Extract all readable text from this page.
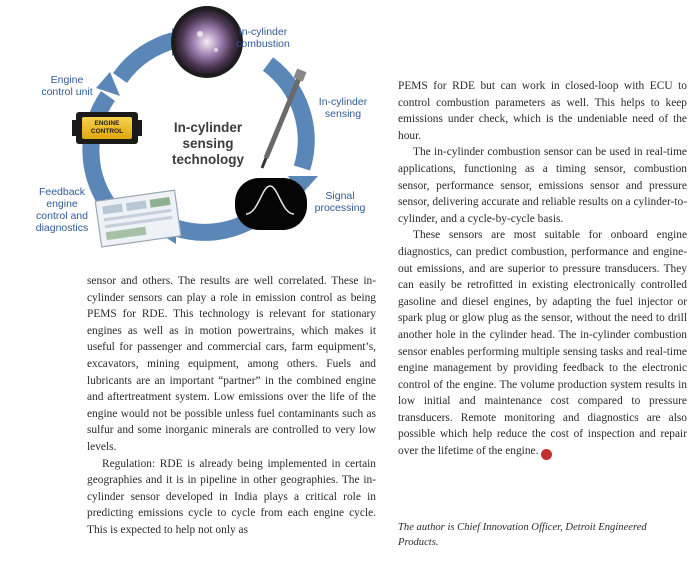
In-cylinder
sensing
technology
In-cylinder
combustion
Engine
control unit
In-cylinder
sensing
Signal
processing
Feedback
engine
control and
diagnostics
ENGINE
CONTROL

sensor and others. The results are well correlated. These in-cylinder sensors can play a role in emission control as being PEMS for RDE. This technology is relevant for stationary engines as well as in motion powertrains, which makes it useful for passenger and commercial cars, farm equipment’s, excavators, mining equipment, among others. Fuels and lubricants are an important “partner” in the combined engine and aftertreatment system. Low emissions over the life of the engine would not be possible unless fuel contaminants such as sulfur and some inorganic minerals are controlled to very low levels.

Regulation: RDE is already being implemented in certain geographies and it is in pipeline in other geographies. The in-cylinder sensor developed in India plays a critical role in predicting emissions cycle to cycle from each engine cycle. This is expected to help not only as

PEMS for RDE but can work in closed-loop with ECU to control combustion parameters as well. This helps to keep emissions under check, which is the undeniable need of the hour.

The in-cylinder combustion sensor can be used in real-time applications, functioning as a timing sensor, combustion sensor, performance sensor, emissions sensor and pressure sensor, delivering accurate and reliable results on a cylinder-to-cylinder, and a cycle-by-cycle basis.

These sensors are most suitable for onboard engine diagnostics, can predict combustion, performance and engine- out emissions, and are superior to pressure transducers. They can easily be retrofitted in existing electronically controlled gasoline and diesel engines, by adapting the fuel injector or spark plug or glow plug as the sensor, without the need to drill another hole in the cylinder head. The in-cylinder combustion sensor enables performing multiple sensing tasks and real-time engine management by providing feedback to the electronic control of the engine. The volume production system results in low initial and maintenance cost compared to pressure transducers. Remote monitoring and diagnostics are also possible which help reduce the cost of inspection and repair over the lifetime of the engine.	TM

The author is Chief Innovation Officer, Detroit Engineered Products.
